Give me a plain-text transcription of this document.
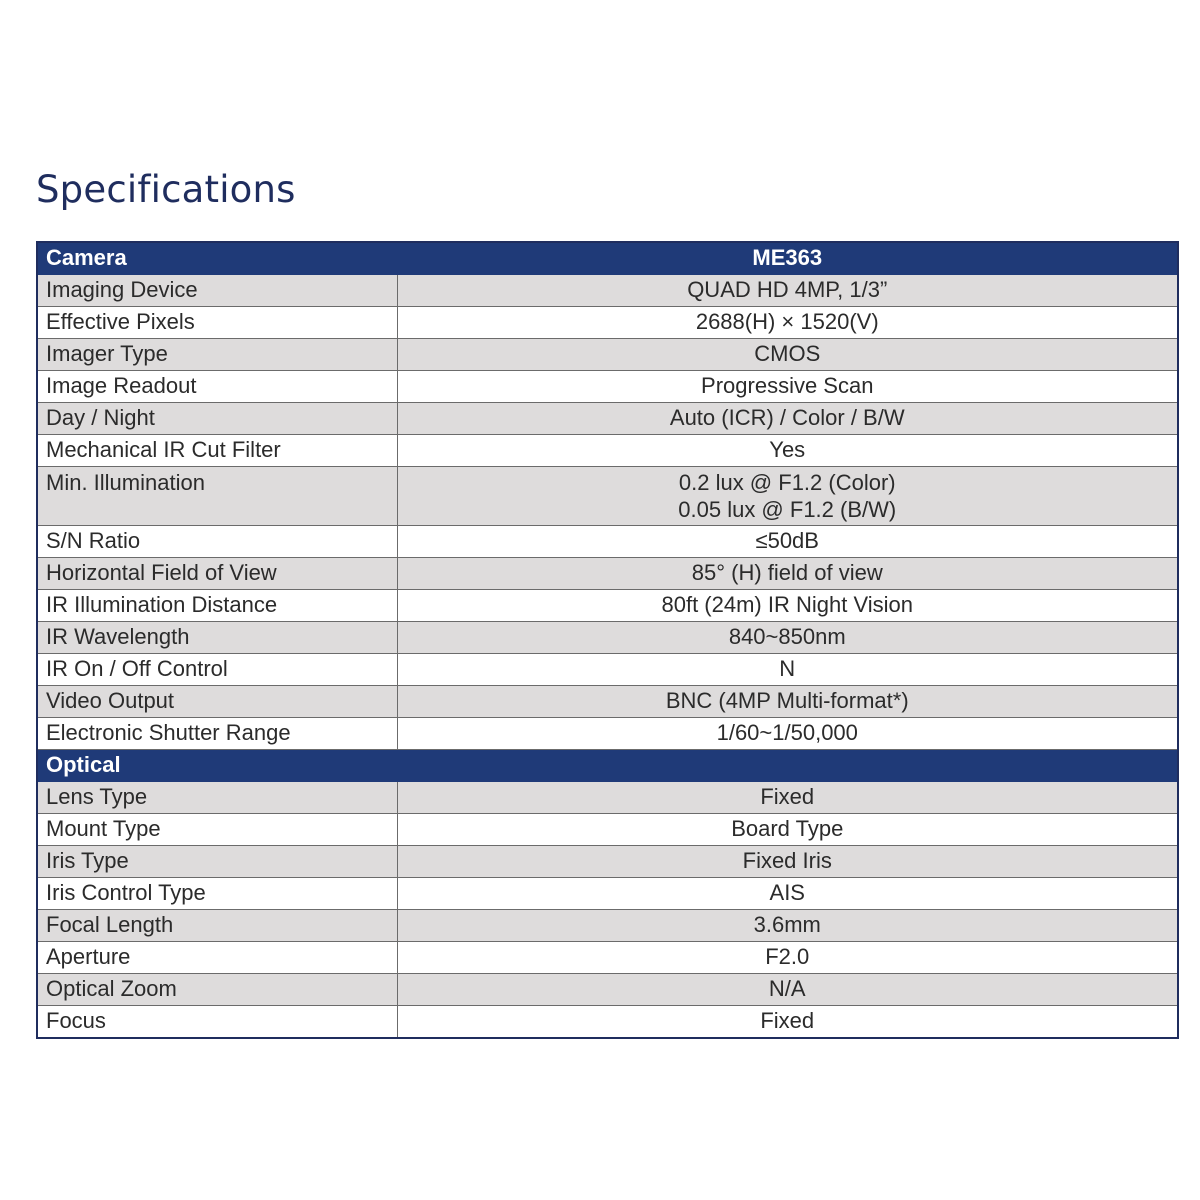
Specifications
Camera	ME363
Imaging Device	QUAD HD 4MP, 1/3”
Effective Pixels	2688(H) × 1520(V)
Imager Type	CMOS
Image Readout	Progressive Scan
Day / Night	Auto (ICR) / Color / B/W
Mechanical IR Cut Filter	Yes
Min. Illumination	0.2 lux @ F1.2 (Color)
0.05 lux @ F1.2 (B/W)

S/N Ratio	≤50dB
Horizontal Field of View	85° (H) field of view
IR Illumination Distance	80ft (24m) IR Night Vision
IR Wavelength	840~850nm
IR On / Off Control	N
Video Output	BNC (4MP Multi-format*)
Electronic Shutter Range	1/60~1/50,000
Optical	
Lens Type	Fixed
Mount Type	Board Type
Iris Type	Fixed Iris
Iris Control Type	AIS
Focal Length	3.6mm
Aperture	F2.0
Optical Zoom	N/A
Focus	Fixed
